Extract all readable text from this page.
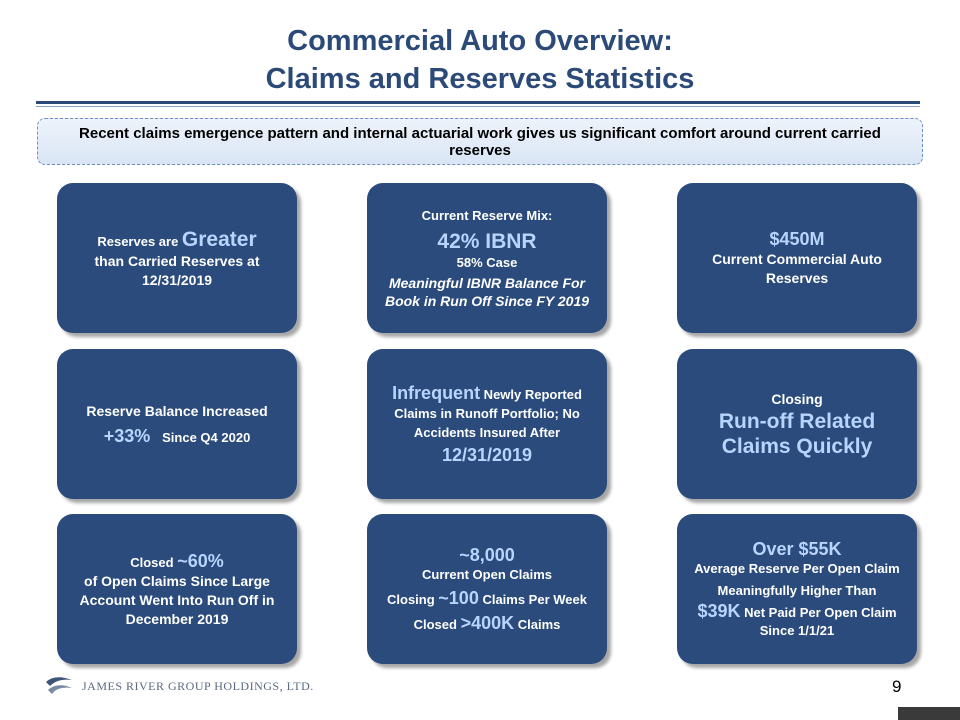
Commercial Auto Overview:
Claims and Reserves Statistics
Recent claims emergence pattern and internal actuarial work gives us significant comfort around current carried reserves
Reserves are Greater
than Carried Reserves at 12/31/2019
Current Reserve Mix:
42% IBNR
58% Case
Meaningful IBNR Balance For Book in Run Off Since FY 2019
$450M
Current Commercial Auto Reserves
Reserve Balance Increased
+33% Since Q4 2020
Infrequent Newly Reported Claims in Runoff Portfolio; No Accidents Insured After
12/31/2019
Closing
Run-off Related Claims Quickly
Closed ~60%
of Open Claims Since Large Account Went Into Run Off in December 2019
~8,000
Current Open Claims
Closing ~100 Claims Per Week
Closed >400K Claims
Over $55K
Average Reserve Per Open Claim
Meaningfully Higher Than
$39K Net Paid Per Open Claim Since 1/1/21
JAMES RIVER GROUP HOLDINGS, LTD.	9
